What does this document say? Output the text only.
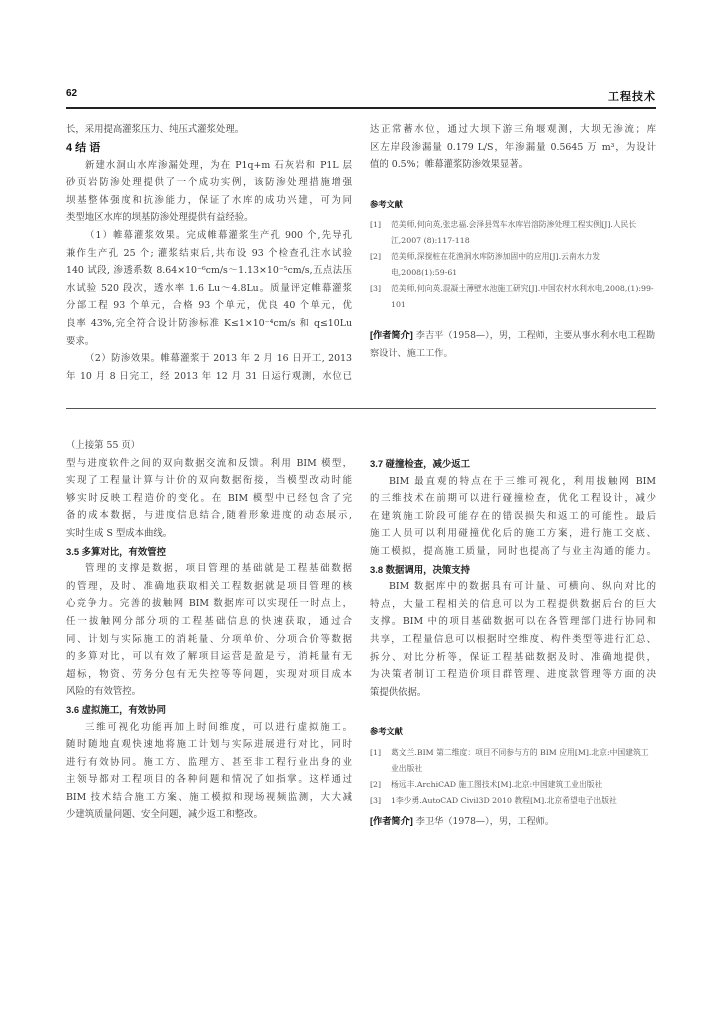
62	工程技术

长，采用提高灌浆压力、纯压式灌浆处理。

4 结 语

新建水洞山水库渗漏处理，为在 P1q+m 石灰岩和 P1L 层

砂页岩防渗处理提供了一个成功实例，该防渗处理措施增强

坝基整体强度和抗渗能力，保证了水库的成功兴建，可为同

类型地区水库的坝基防渗处理提供有益经验。

（1）帷幕灌浆效果。完成帷幕灌浆生产孔 900 个,先导孔

兼作生产孔 25 个; 灌浆结束后,共布设 93 个检查孔注水试验

140 试段, 渗透系数 8.64×10⁻⁶cm/s～1.13×10⁻⁵cm/s,五点法压

水试验 520 段次，透水率 1.6 Lu～4.8Lu。质量评定帷幕灌浆

分部工程 93 个单元，合格 93 个单元，优良 40 个单元，优

良率 43%,完全符合设计防渗标准 K≤1×10⁻⁴cm/s 和 q≤10Lu

要求。

（2）防渗效果。帷幕灌浆于 2013 年 2 月 16 日开工, 2013

年 10 月 8 日完工，经 2013 年 12 月 31 日运行观测，水位已

达正常蓄水位，通过大坝下游三角堰观测，大坝无渗流；库

区左岸段渗漏量 0.179 L/S，年渗漏量 0.5645 万 m³，为设计

值的 0.5%；帷幕灌浆防渗效果显著。

参考文献
[1] 范美师,何向英,张忠福.会泽县驾车水库岩溶防渗处理工程实例[J].人民长江,2007 (8):117-118
[2] 范美师,深搅桩在花渔洞水库防渗加固中的应用[J].云南水力发电,2008(1):59-61
[3] 范美师,何向英.混凝土薄壁水池施工研究[J].中国农村水利水电,2008,(1):99-101
[作者简介] 李吉平（1958—），男，工程师，主要从事水利水电工程勘察设计、施工工作。

（上接第 55 页）

型与进度软件之间的双向数据交流和反馈。利用 BIM 模型，

实现了工程量计算与计价的双向数据衔接，当模型改动时能

够实时反映工程造价的变化。在 BIM 模型中已经包含了完

备的成本数据，与进度信息结合,随着形象进度的动态展示,

实时生成 S 型成本曲线。

3.5 多算对比，有效管控

管理的支撑是数据，项目管理的基础就是工程基础数据

的管理，及时、准确地获取相关工程数据就是项目管理的核

心竞争力。完善的拔触网 BIM 数据库可以实现任一时点上，

任一拔触网分部分项的工程基础信息的快速获取，通过合

同、计划与实际施工的消耗量、分项单价、分项合价等数据

的多算对比，可以有效了解项目运营是盈是亏，消耗量有无

超标，物资、劳务分包有无失控等等问题，实现对项目成本

风险的有效管控。

3.6 虚拟施工，有效协同

三维可视化功能再加上时间维度，可以进行虚拟施工。

随时随地直观快速地将施工计划与实际进展进行对比，同时

进行有效协同。施工方、监理方、甚至非工程行业出身的业

主领导都对工程项目的各种问题和情况了如指掌。这样通过

BIM 技术结合施工方案、施工模拟和现场视频监测，大大减

少建筑质量问题、安全问题，减少返工和整改。

3.7 碰撞检查，减少返工

BIM 最直观的特点在于三维可视化，利用拔触网 BIM

的三维技术在前期可以进行碰撞检查，优化工程设计，减少

在建筑施工阶段可能存在的错误损失和返工的可能性。最后

施工人员可以利用碰撞优化后的施工方案，进行施工交底、

施工模拟，提高施工质量，同时也提高了与业主沟通的能力。

3.8 数据调用，决策支持

BIM 数据库中的数据具有可计量、可横向、纵向对比的

特点，大量工程相关的信息可以为工程提供数据后台的巨大

支撑。BIM 中的项目基础数据可以在各管理部门进行协同和

共享，工程量信息可以根据时空维度、构件类型等进行汇总、

拆分、对比分析等，保证工程基础数据及时、准确地提供，

为决策者制订工程造价项目群管理、进度款管理等方面的决

策提供依据。

参考文献
[1] 葛文兰.BIM 第二维度：项目不同参与方的 BIM 应用[M].北京:中国建筑工业出版社
[2] 杨远丰.ArchiCAD 施工图技术[M].北京:中国建筑工业出版社
[3] 1李少勇.AutoCAD Civil3D 2010 教程[M].北京希望电子出版社
[作者简介] 李卫华（1978—），男，工程师。
